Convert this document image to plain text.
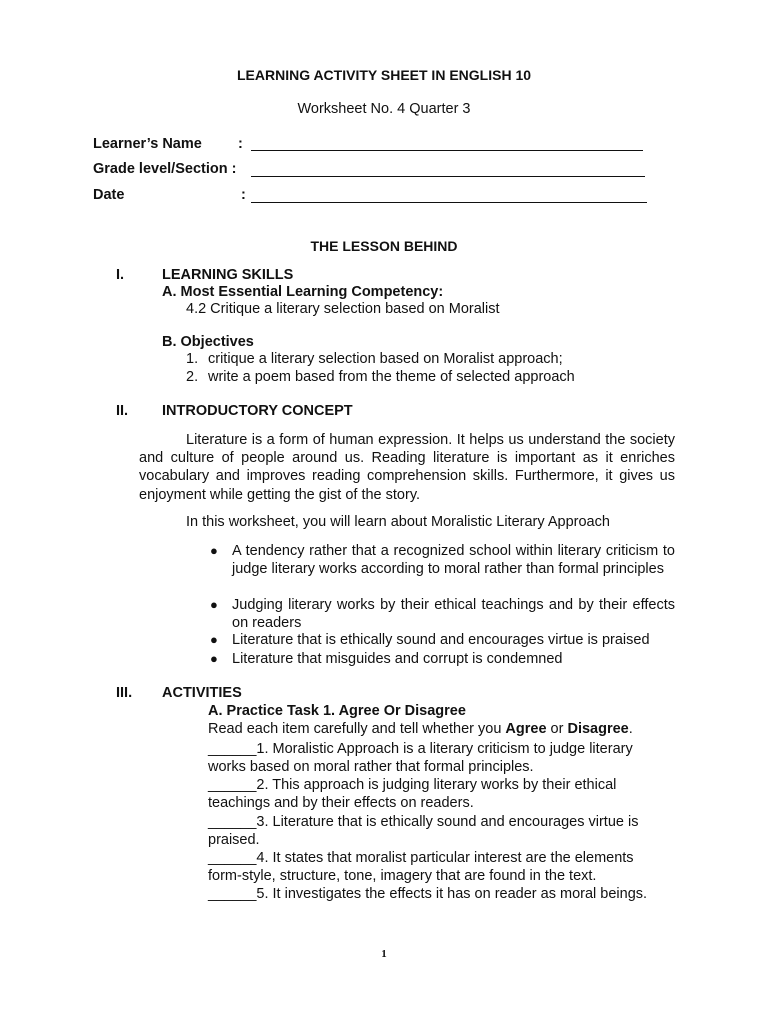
LEARNING ACTIVITY SHEET IN ENGLISH 10
Worksheet No. 4 Quarter 3
Learner’s Name :
Grade level/Section :
Date	:
THE LESSON BEHIND
I.	LEARNING SKILLS
A. Most Essential Learning Competency:
4.2 Critique a literary selection based on Moralist
B. Objectives
1. critique a literary selection based on Moralist approach;
2. write a poem based from the theme of selected approach
II. INTRODUCTORY CONCEPT
Literature is a form of human expression. It helps us understand the society and culture of people around us. Reading literature is important as it enriches vocabulary and improves reading comprehension skills. Furthermore, it gives us enjoyment while getting the gist of the story.
In this worksheet, you will learn about Moralistic Literary Approach
● A tendency rather that a recognized school within literary criticism to judge literary works according to moral rather than formal principles
● Judging literary works by their ethical teachings and by their effects on readers
● Literature that is ethically sound and encourages virtue is praised
● Literature that misguides and corrupt is condemned
III. ACTIVITIES
A. Practice Task 1. Agree Or Disagree
Read each item carefully and tell whether you Agree or Disagree.
______1. Moralistic Approach is a literary criticism to judge literary works based on moral rather that formal principles.
______2. This approach is judging literary works by their ethical teachings and by their effects on readers.
______3. Literature that is ethically sound and encourages virtue is praised.
______4. It states that moralist particular interest are the elements form-style, structure, tone, imagery that are found in the text.
______5. It investigates the effects it has on reader as moral beings.
1
